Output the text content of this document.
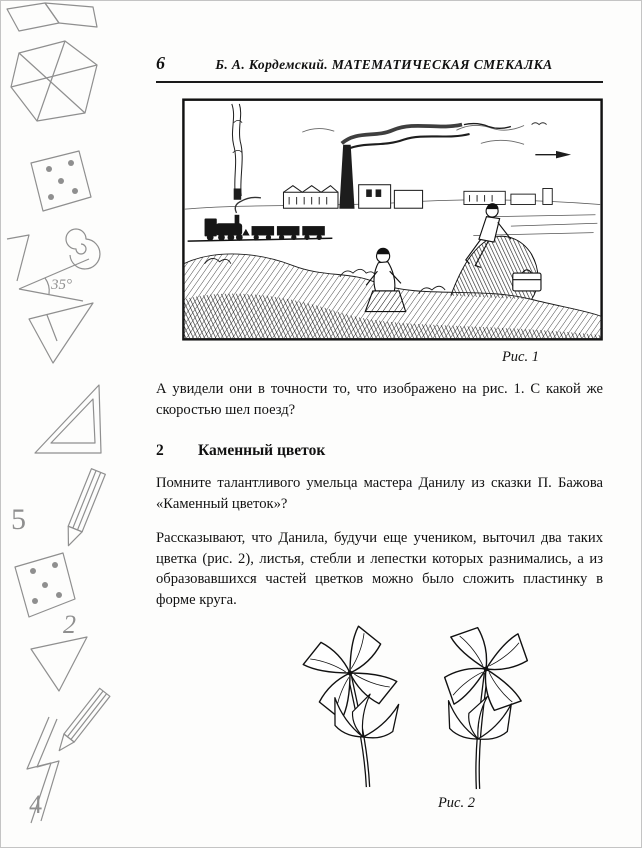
35°
5
2
4
6	Б. А. Кордемский. МАТЕМАТИЧЕСКАЯ СМЕКАЛКА
Рис. 1

А увидели они в точности то, что изображено на рис. 1. С какой же скоростью шел поезд?

2	Каменный цветок

Помните талантливого умельца мастера Данилу из сказки П. Бажова «Каменный цветок»?

Рассказывают, что Данила, будучи еще учеником, выточил два таких цветка (рис. 2), листья, стебли и лепестки которых разнимались, а из образовавшихся частей цветков можно было сложить пластинку в форме круга.

Рис. 2
